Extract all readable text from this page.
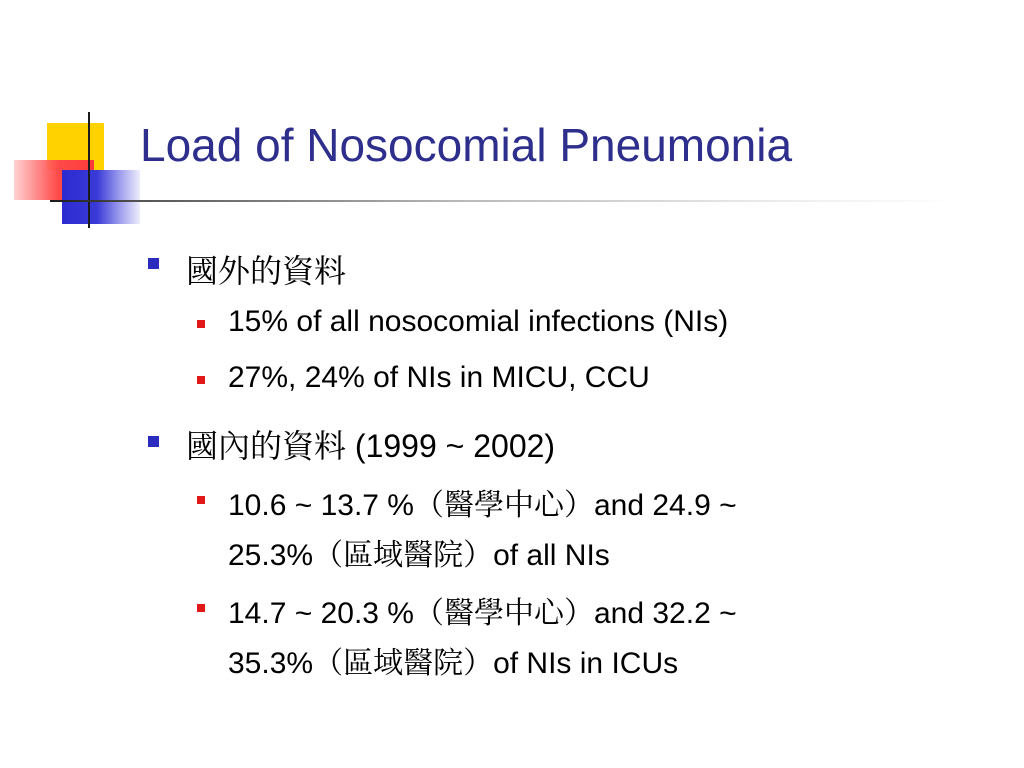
Load of Nosocomial Pneumonia
國外的資料
15% of all nosocomial infections (NIs)
27%, 24% of NIs in MICU, CCU
國內的資料 (1999 ~ 2002)
10.6 ~ 13.7 %（醫學中心）and 24.9 ~
25.3%（區域醫院）of all NIs
14.7 ~ 20.3 %（醫學中心）and 32.2 ~
35.3%（區域醫院）of NIs in ICUs
